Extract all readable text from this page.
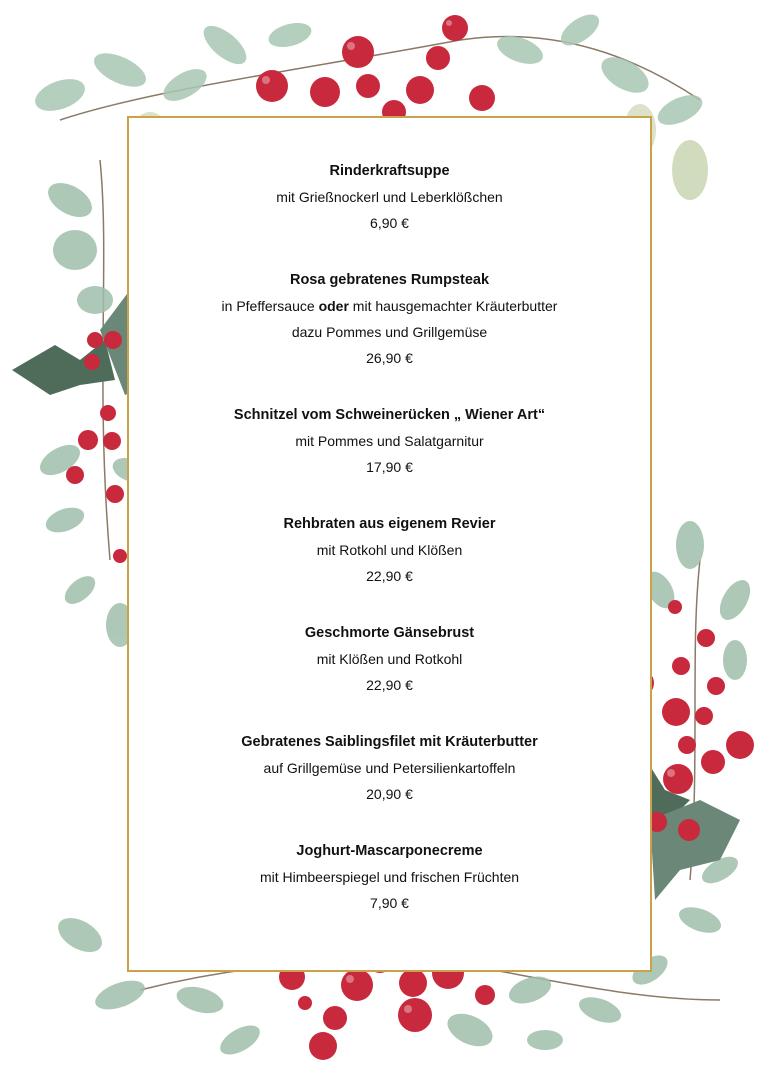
Rinderkraftsuppe
mit Grießnockerl und Leberklößchen
6,90 €
Rosa gebratenes Rumpsteak
in Pfeffersauce oder mit hausgemachter Kräuterbutter
dazu Pommes und Grillgemüse
26,90 €
Schnitzel vom Schweinerücken „ Wiener Art“
mit Pommes und Salatgarnitur
17,90 €
Rehbraten aus eigenem Revier
mit Rotkohl und Klößen
22,90 €
Geschmorte Gänsebrust
mit Klößen und Rotkohl
22,90 €
Gebratenes Saiblingsfilet mit Kräuterbutter
auf Grillgemüse und Petersilienkartoffeln
20,90 €
Joghurt-Mascarponecreme
mit Himbeerspiegel und frischen Früchten
7,90 €
